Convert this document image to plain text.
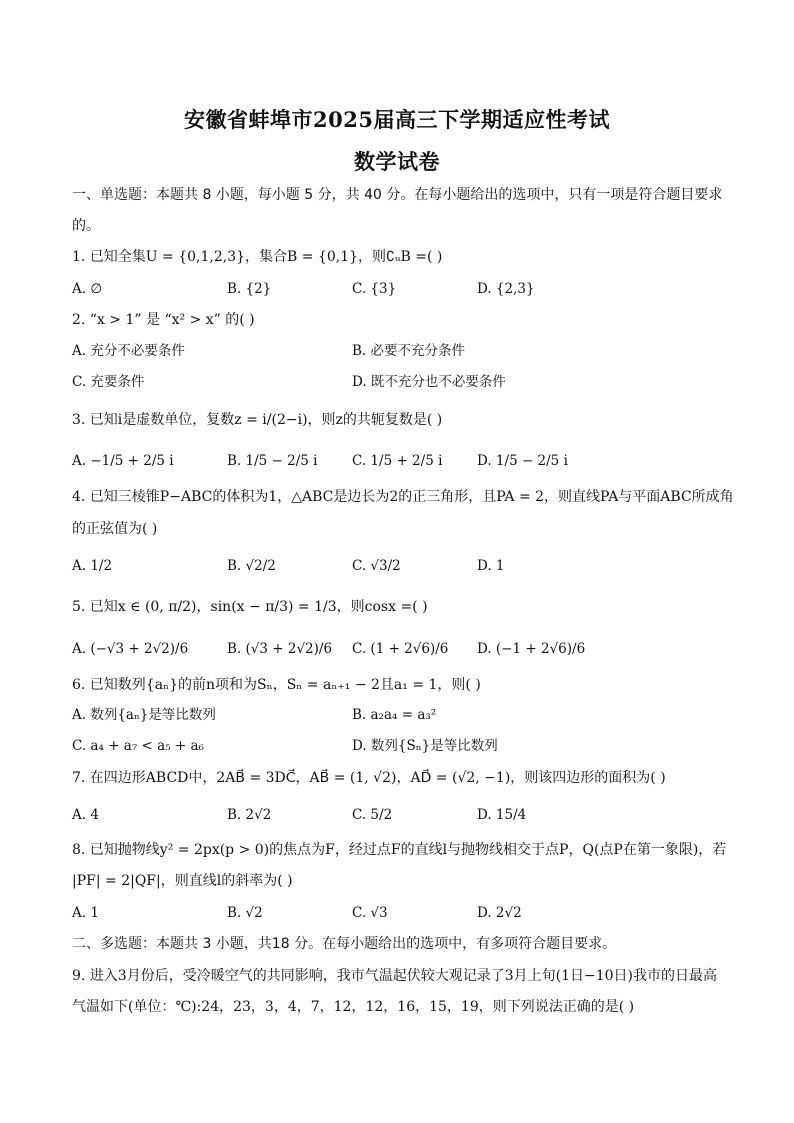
安徽省蚌埠市2025届高三下学期适应性考试
数学试卷
一、单选题：本题共 8 小题，每小题 5 分，共 40 分。在每小题给出的选项中，只有一项是符合题目要求
的。
1. 已知全集U = {0,1,2,3}，集合B = {0,1}，则∁ᵤB =( )
A. ∅	B. {2}	C. {3}	D. {2,3}
2. “x > 1” 是 “x² > x” 的( )
A. 充分不必要条件	B. 必要不充分条件
C. 充要条件	D. 既不充分也不必要条件
3. 已知i是虚数单位，复数z = i/(2−i)，则z的共轭复数是( )
A. −1/5 + 2/5 i	B. 1/5 − 2/5 i	C. 1/5 + 2/5 i	D. 1/5 − 2/5 i
4. 已知三棱锥P−ABC的体积为1，△ABC是边长为2的正三角形，且PA = 2，则直线PA与平面ABC所成角
的正弦值为( )
A. 1/2	B. √2/2	C. √3/2	D. 1
5. 已知x ∈ (0, π/2)，sin(x − π/3) = 1/3，则cosx =( )
A. (−√3 + 2√2)/6	B. (√3 + 2√2)/6 C. (1 + 2√6)/6 D. (−1 + 2√6)/6
6. 已知数列{aₙ}的前n项和为Sₙ，Sₙ = aₙ₊₁ − 2且a₁ = 1，则( )
A. 数列{aₙ}是等比数列	B. a₂a₄ = a₃²
C. a₄ + a₇ < a₅ + a₆	D. 数列{Sₙ}是等比数列
7. 在四边形ABCD中，2AB⃗ = 3DC⃗，AB⃗ = (1, √2)，AD⃗ = (√2, −1)，则该四边形的面积为( )
A. 4	B. 2√2	C. 5/2	D. 15/4
8. 已知抛物线y² = 2px(p > 0)的焦点为F，经过点F的直线l与抛物线相交于点P，Q(点P在第一象限)，若
|PF| = 2|QF|，则直线l的斜率为( )
A. 1	B. √2	C. √3	D. 2√2
二、多选题：本题共 3 小题，共18 分。在每小题给出的选项中，有多项符合题目要求。
9. 进入3月份后，受冷暖空气的共同影响，我市气温起伏较大观记录了3月上旬(1日−10日)我市的日最高
气温如下(单位：℃):24，23，3，4，7，12，12，16，15，19，则下列说法正确的是( )
